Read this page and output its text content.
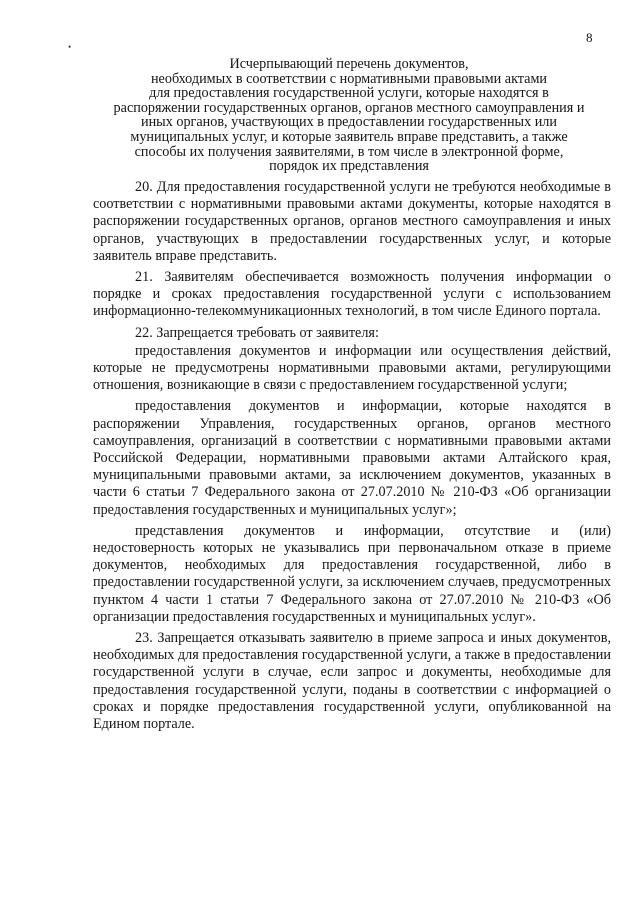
8
•
Исчерпывающий перечень документов,
необходимых в соответствии с нормативными правовыми актами
для предоставления государственной услуги, которые находятся в
распоряжении государственных органов, органов местного самоуправления и
иных органов, участвующих в предоставлении государственных или
муниципальных услуг, и которые заявитель вправе представить, а также
способы их получения заявителями, в том числе в электронной форме,
порядок их представления

20. Для предоставления государственной услуги не требуются необходимые в соответствии с нормативными правовыми актами документы, которые находятся в распоряжении государственных органов, органов местного самоуправления и иных органов, участвующих в предоставлении государственных услуг, и которые заявитель вправе представить.

21. Заявителям обеспечивается возможность получения информации о порядке и сроках предоставления государственной услуги с использованием информационно-телекоммуникационных технологий, в том числе Единого портала.

22. Запрещается требовать от заявителя:

предоставления документов и информации или осуществления действий, которые не предусмотрены нормативными правовыми актами, регулирующими отношения, возникающие в связи с предоставлением государственной услуги;

предоставления документов и информации, которые находятся в распоряжении Управления, государственных органов, органов местного самоуправления, организаций в соответствии с нормативными правовыми актами Российской Федерации, нормативными правовыми актами Алтайского края, муниципальными правовыми актами, за исключением документов, указанных в части 6 статьи 7 Федерального закона от 27.07.2010 № 210-ФЗ «Об организации предоставления государственных и муниципальных услуг»;

представления документов и информации, отсутствие и (или) недостоверность которых не указывались при первоначальном отказе в приеме документов, необходимых для предоставления государственной, либо в предоставлении государственной услуги, за исключением случаев, предусмотренных пунктом 4 части 1 статьи 7 Федерального закона от 27.07.2010 № 210-ФЗ «Об организации предоставления государственных и муниципальных услуг».

23. Запрещается отказывать заявителю в приеме запроса и иных документов, необходимых для предоставления государственной услуги, а также в предоставлении государственной услуги в случае, если запрос и документы, необходимые для предоставления государственной услуги, поданы в соответствии с информацией о сроках и порядке предоставления государственной услуги, опубликованной на Едином портале.
